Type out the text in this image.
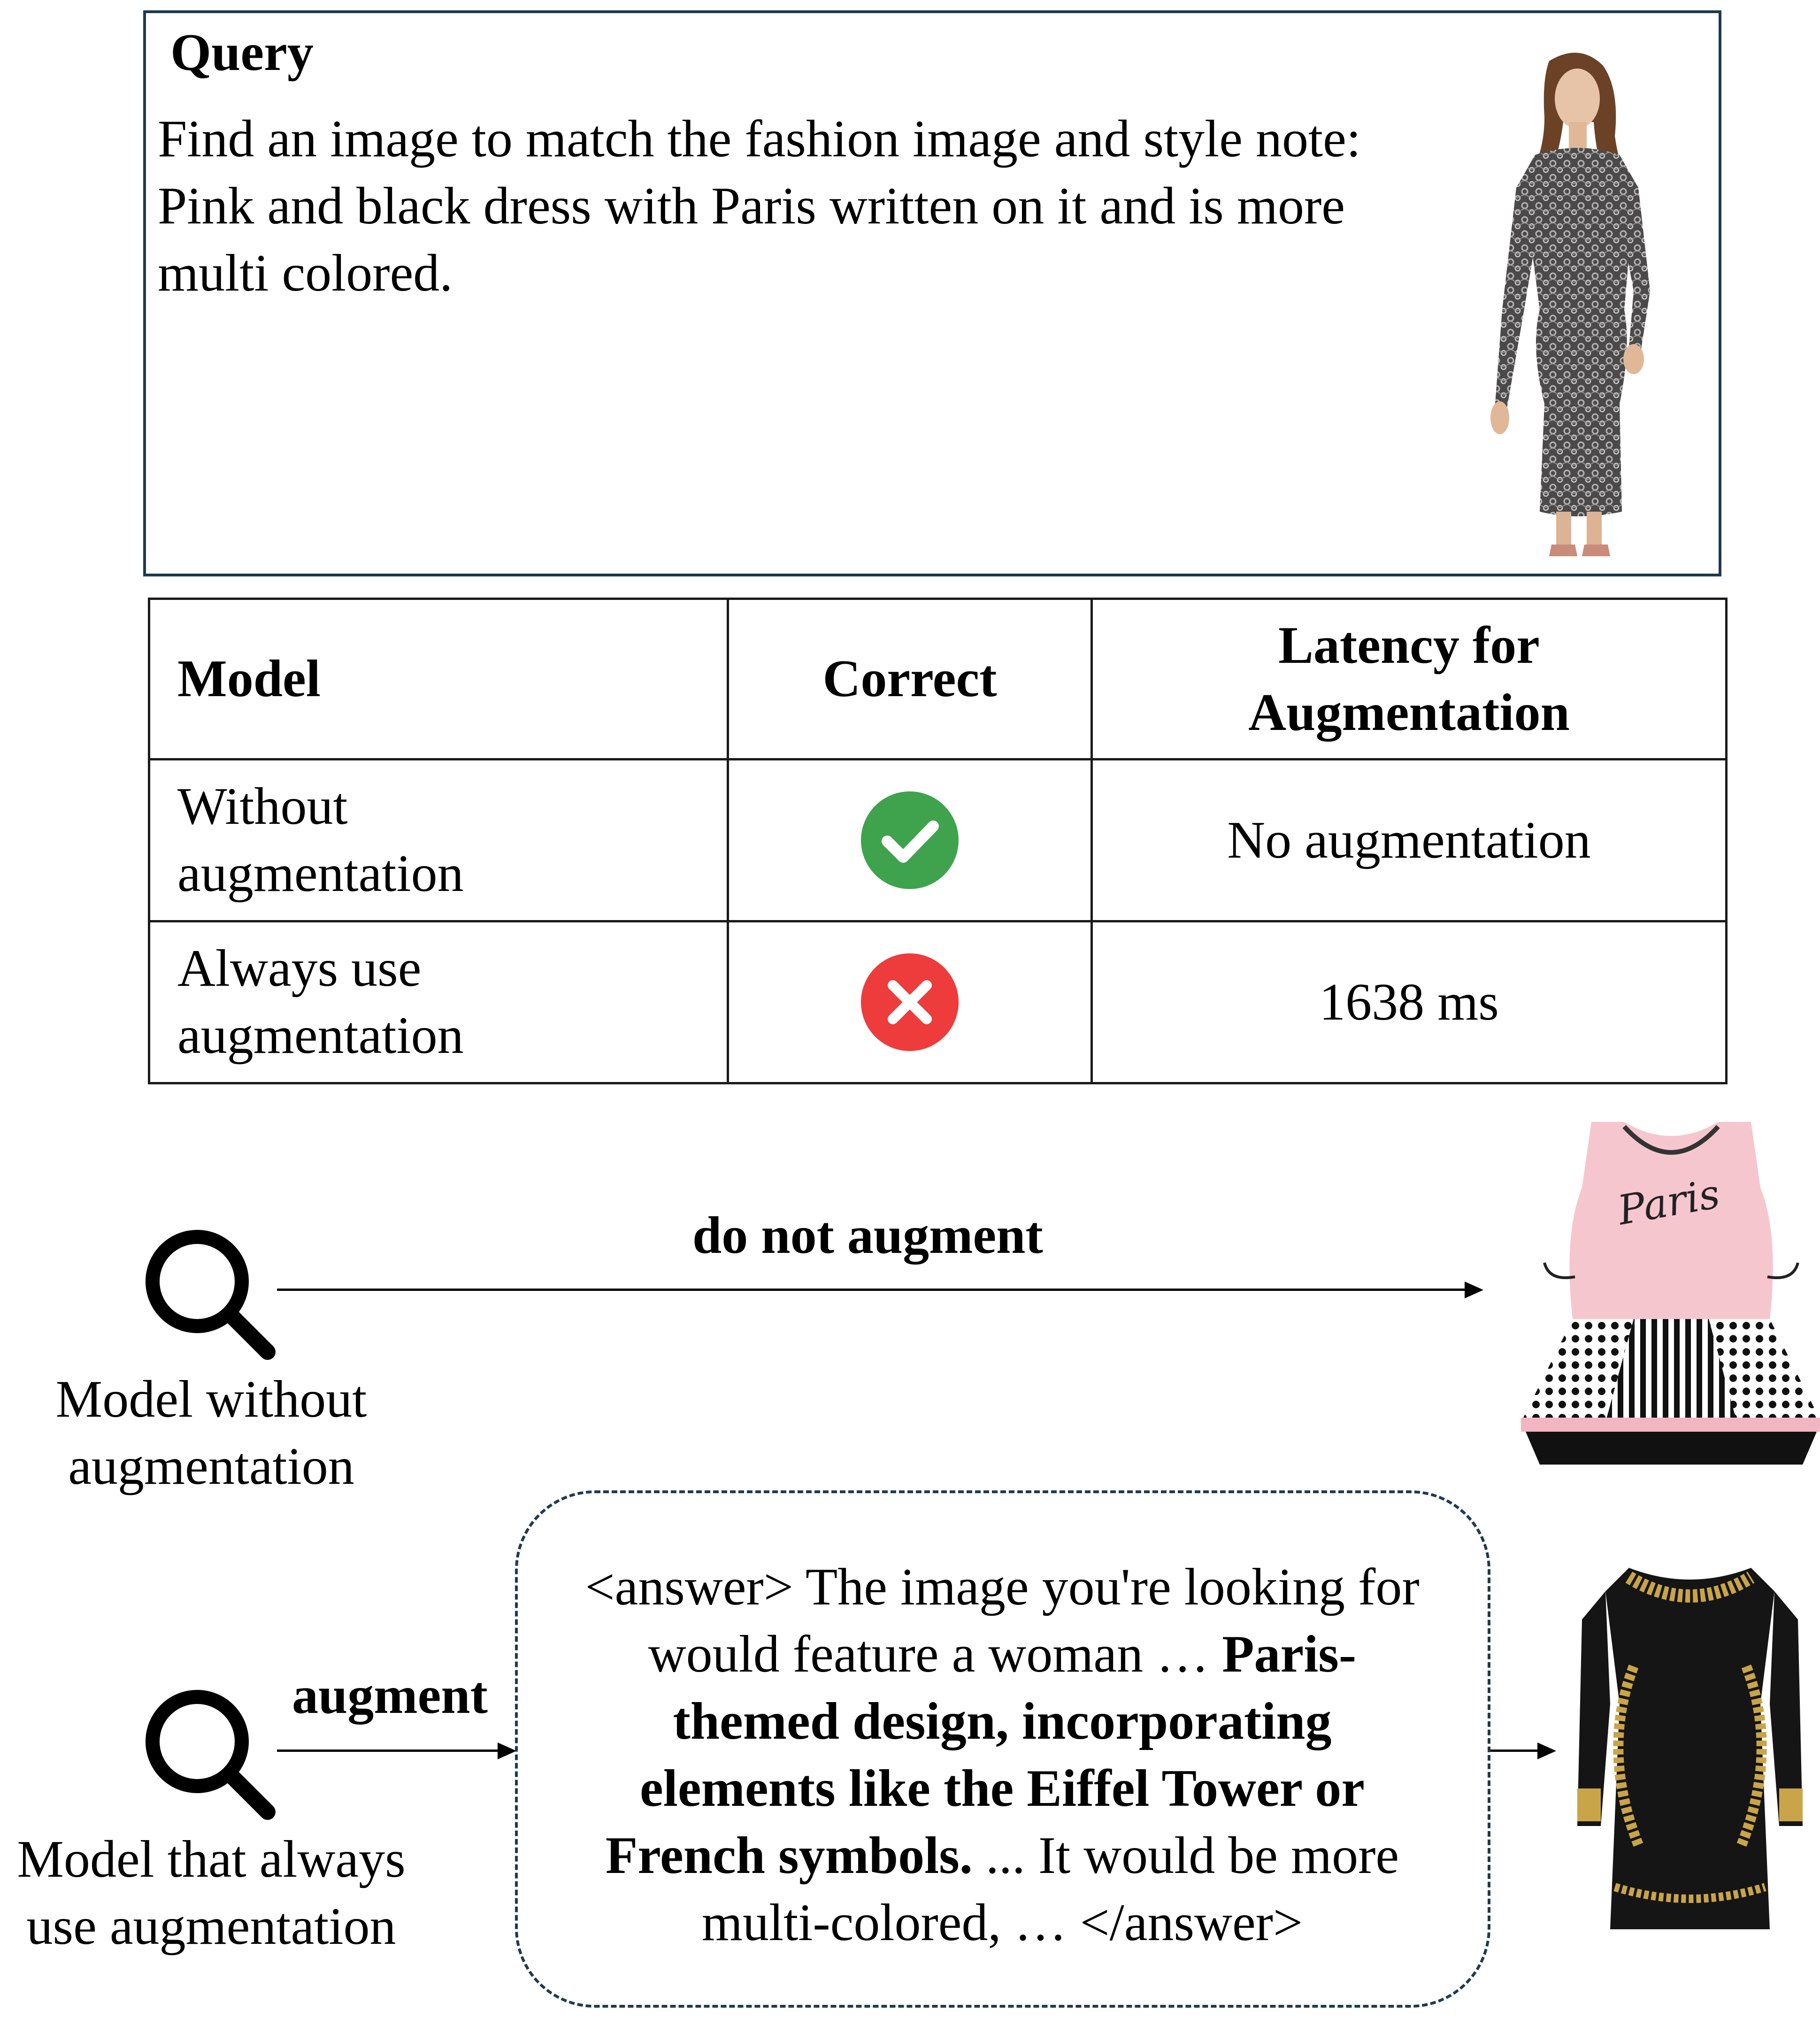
Query
Find an image to match the fashion image and style note:
Pink and black dress with Paris written on it and is more
multi colored.
Model	Correct	Latency for
Augmentation

Without
augmentation		No augmentation

Always use
augmentation		1638 ms
Model without
augmentation
do not augment
Paris
Model that always
use augmentation
augment
<answer> The image you're looking for
would feature a woman … Paris-
themed design, incorporating
elements like the Eiffel Tower or
French symbols. ... It would be more
multi-colored, … </answer>
